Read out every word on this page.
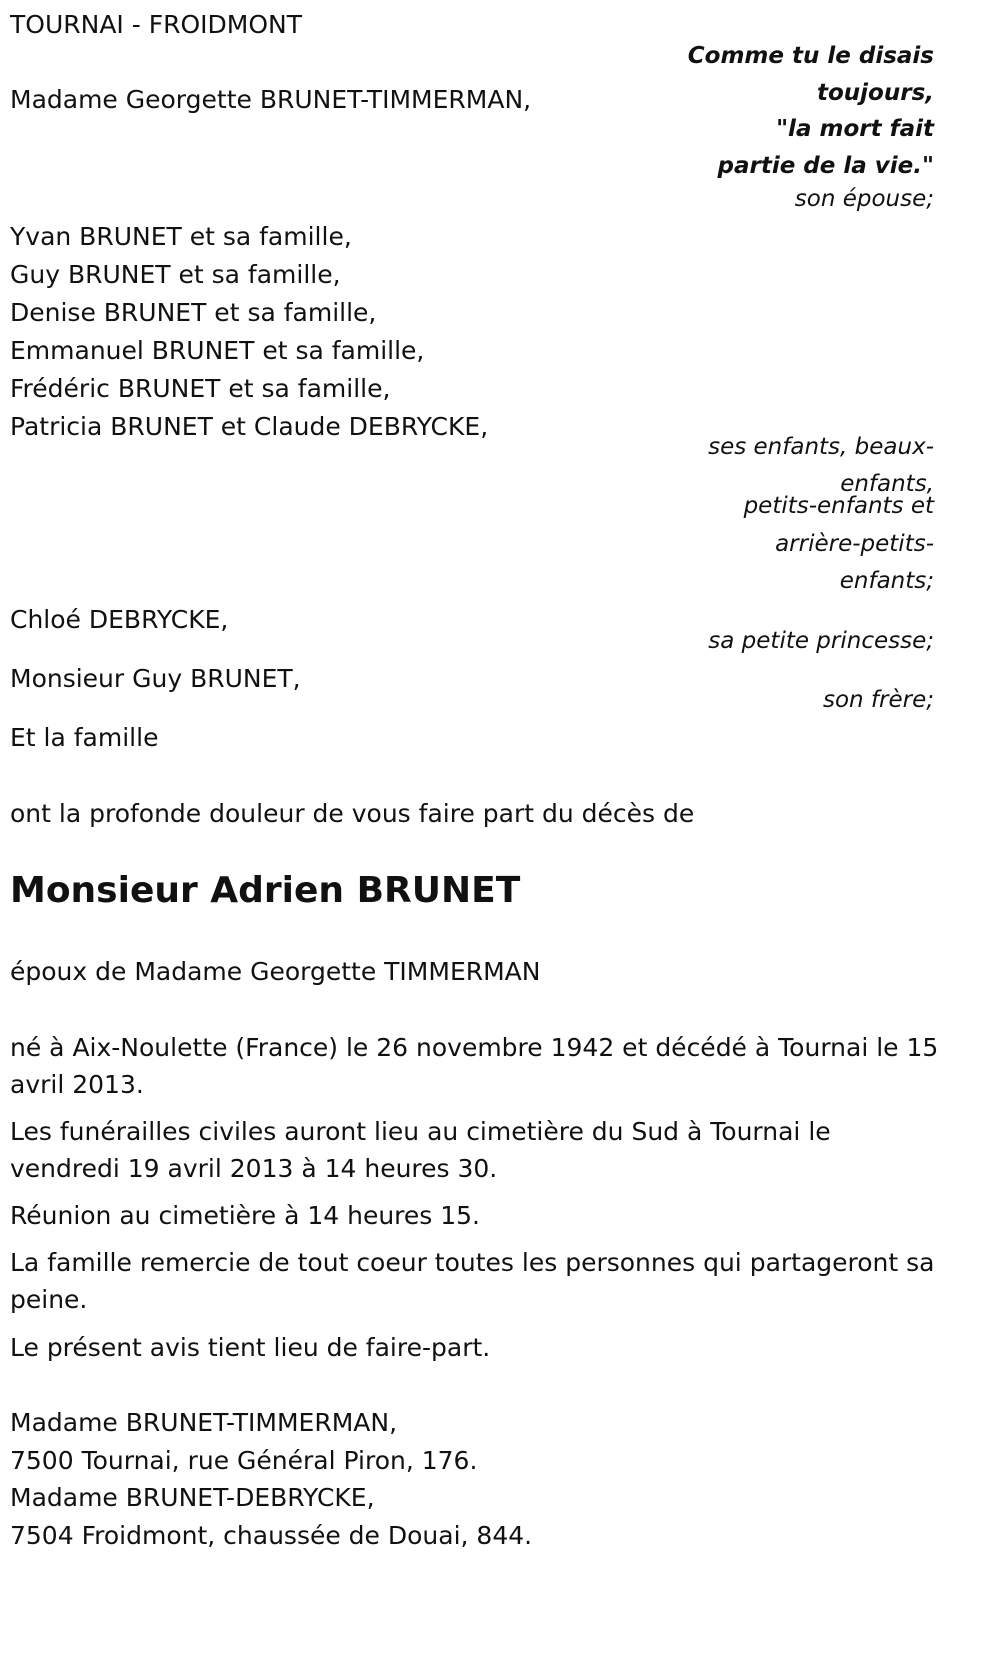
TOURNAI - FROIDMONT

Comme tu le disais
toujours,
"la mort fait
partie de la vie."

Madame Georgette BRUNET-TIMMERMAN,

son épouse;

Yvan BRUNET et sa famille,
Guy BRUNET et sa famille,
Denise BRUNET et sa famille,
Emmanuel BRUNET et sa famille,
Frédéric BRUNET et sa famille,
Patricia BRUNET et Claude DEBRYCKE,

ses enfants, beaux-

enfants,

petits-enfants et

arrière-petits-

enfants;

Chloé DEBRYCKE,

sa petite princesse;

Monsieur Guy BRUNET,

son frère;

Et la famille

ont la profonde douleur de vous faire part du décès de

Monsieur Adrien BRUNET

époux de Madame Georgette TIMMERMAN

né à Aix-Noulette (France) le 26 novembre 1942 et décédé à Tournai le 15 avril 2013.

Les funérailles civiles auront lieu au cimetière du Sud à Tournai le vendredi 19 avril 2013 à 14 heures 30.

Réunion au cimetière à 14 heures 15.

La famille remercie de tout coeur toutes les personnes qui partageront sa peine.

Le présent avis tient lieu de faire-part.

Madame BRUNET-TIMMERMAN,
7500 Tournai, rue Général Piron, 176.
Madame BRUNET-DEBRYCKE,
7504 Froidmont, chaussée de Douai, 844.
